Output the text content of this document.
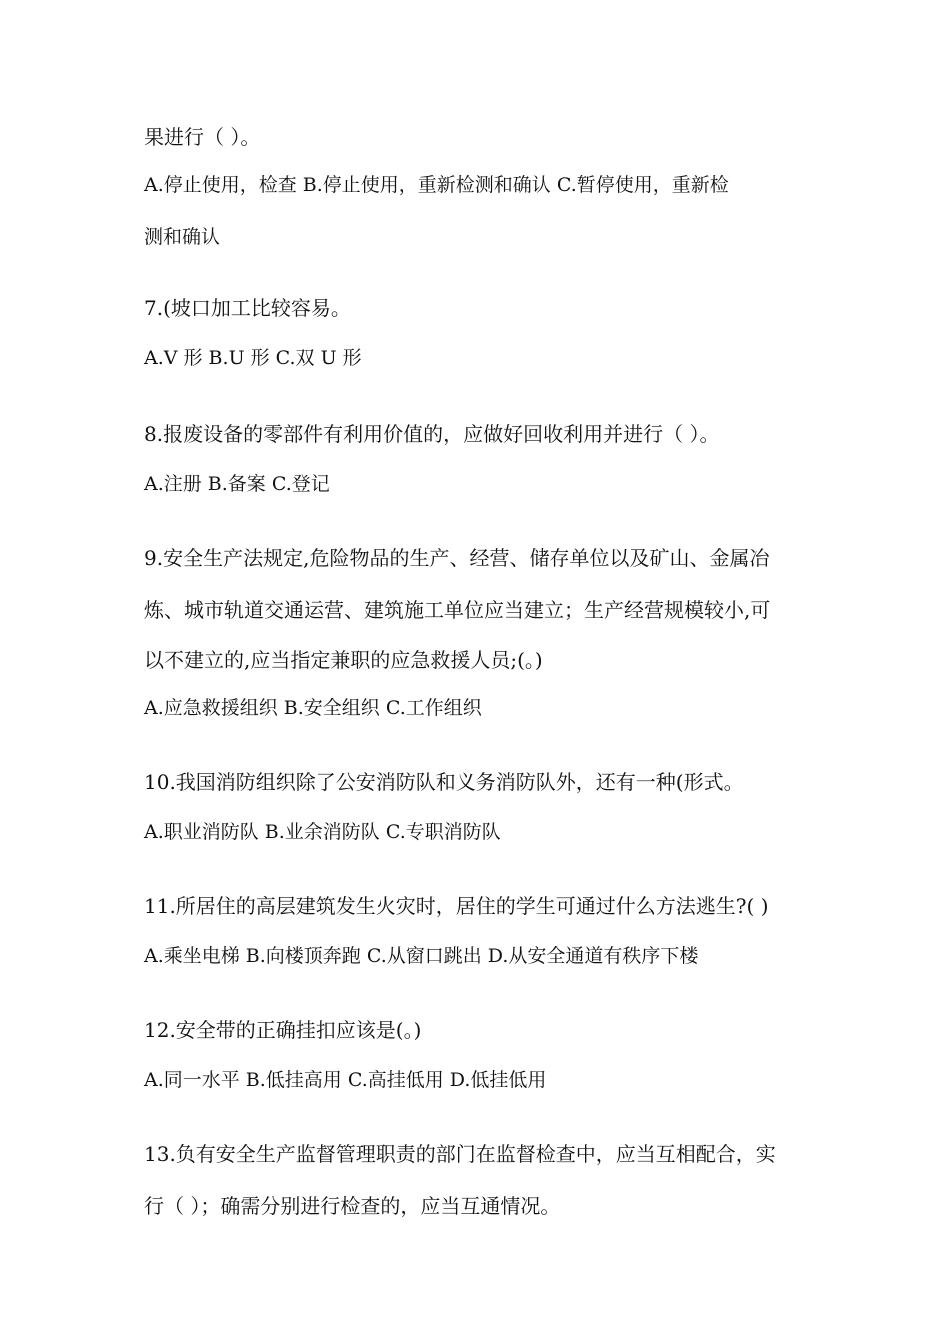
果进行（ ）。
A.停止使用，检查 B.停止使用，重新检测和确认 C.暂停使用，重新检
测和确认
7.(坡口加工比较容易。
A.V 形 B.U 形 C.双 U 形
8.报废设备的零部件有利用价值的，应做好回收利用并进行（ ）。
A.注册 B.备案 C.登记
9.安全生产法规定,危险物品的生产、经营、储存单位以及矿山、金属冶
炼、城市轨道交通运营、建筑施工单位应当建立；生产经营规模较小,可
以不建立的,应当指定兼职的应急救援人员;(。)
A.应急救援组织 B.安全组织 C.工作组织
10.我国消防组织除了公安消防队和义务消防队外，还有一种(形式。
A.职业消防队 B.业余消防队 C.专职消防队
11.所居住的高层建筑发生火灾时，居住的学生可通过什么方法逃生?( )
A.乘坐电梯 B.向楼顶奔跑 C.从窗口跳出 D.从安全通道有秩序下楼
12.安全带的正确挂扣应该是(。)
A.同一水平 B.低挂高用 C.高挂低用 D.低挂低用
13.负有安全生产监督管理职责的部门在监督检查中，应当互相配合，实
行（ ）；确需分别进行检查的，应当互通情况。
